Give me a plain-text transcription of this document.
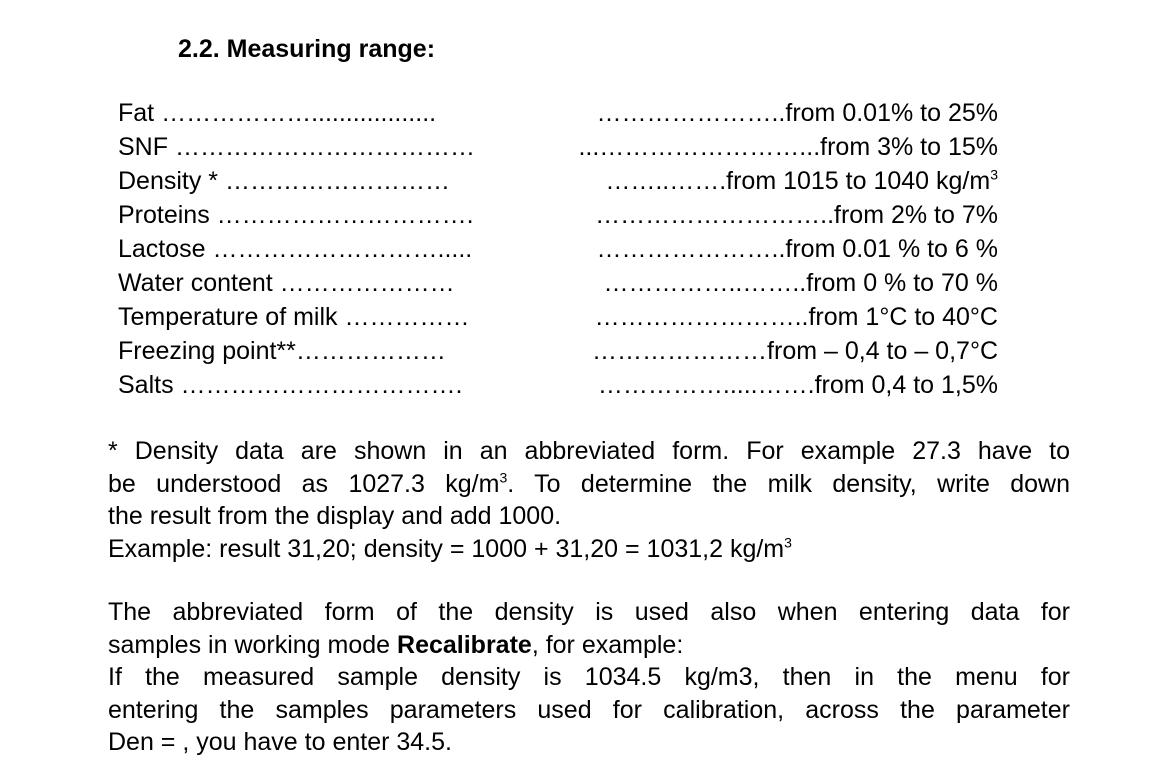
2.2. Measuring range:
Fat ………………..................	…………………..from 0.01% to 25%
SNF ………………………………	...……………………...from 3% to 15%
Density * ………………………	……..…….from 1015 to 1040 $kg/m^3$
Proteins ………………………….	………………………..from 2% to 7%
Lactose ……………………….....	…………………..from 0.01 % to 6 %
Water content …………………	……………..……..from 0 % to 70 %
Temperature of milk ……………	……………………..from 1°C to 40°C
Freezing point**………………	…………………from – 0,4 to – 0,7°C
Salts …………………………….	…………….....…….from 0,4 to 1,5%
* Density data are shown in an abbreviated form. For example 27.3 have to
be understood as 1027.3 $kg/m^3$. To determine the milk density, write down
the result from the display and add 1000.
Example: result 31,20; density = 1000 + 31,20 = 1031,2 $kg/m^3$
The abbreviated form of the density is used also when entering data for
samples in working mode Recalibrate, for example:
If the measured sample density is 1034.5 kg/m3, then in the menu for
entering the samples parameters used for calibration, across the parameter
Den = , you have to enter 34.5.
